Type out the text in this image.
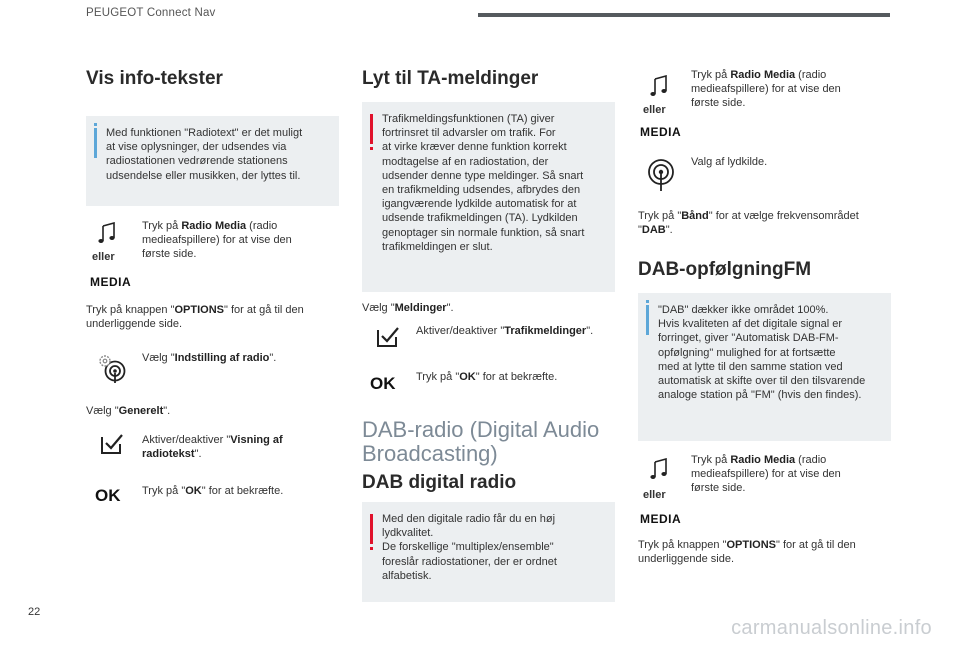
PEUGEOT Connect Nav
Vis info-tekster
Med funktionen "Radiotext" er det muligt
at vise oplysninger, der udsendes via
radiostationen vedrørende stationens
udsendelse eller musikken, der lyttes til.
eller
MEDIA
Tryk på Radio Media (radio
medieafspillere) for at vise den
første side.
Tryk på knappen "OPTIONS" for at gå til den
underliggende side.
Vælg "Indstilling af radio".
Vælg "Generelt".
Aktiver/deaktiver "Visning af
radiotekst".
OK Tryk på "OK" for at bekræfte.
Lyt til TA-meldinger
Trafikmeldingsfunktionen (TA) giver
fortrinsret til advarsler om trafik. For
at virke kræver denne funktion korrekt
modtagelse af en radiostation, der
udsender denne type meldinger. Så snart
en trafikmelding udsendes, afbrydes den
igangværende lydkilde automatisk for at
udsende trafikmeldingen (TA). Lydkilden
genoptager sin normale funktion, så snart
trafikmeldingen er slut.
Vælg "Meldinger".
Aktiver/deaktiver "Trafikmeldinger".
OK Tryk på "OK" for at bekræfte.
DAB-radio (Digital Audio
Broadcasting)
DAB digital radio
Med den digitale radio får du en høj
lydkvalitet.
De forskellige "multiplex/ensemble"
foreslår radiostationer, der er ordnet
alfabetisk.
eller
MEDIA
Tryk på Radio Media (radio
medieafspillere) for at vise den
første side.
Valg af lydkilde.
Tryk på "Bånd" for at vælge frekvensområdet
"DAB".
DAB-opfølgningFM
"DAB" dækker ikke området 100%.
Hvis kvaliteten af det digitale signal er
forringet, giver "Automatisk DAB-FM-
opfølgning" mulighed for at fortsætte
med at lytte til den samme station ved
automatisk at skifte over til den tilsvarende
analoge station på "FM" (hvis den findes).
eller
MEDIA
Tryk på Radio Media (radio
medieafspillere) for at vise den
første side.
Tryk på knappen "OPTIONS" for at gå til den
underliggende side.
22
carmanualsonline.info
